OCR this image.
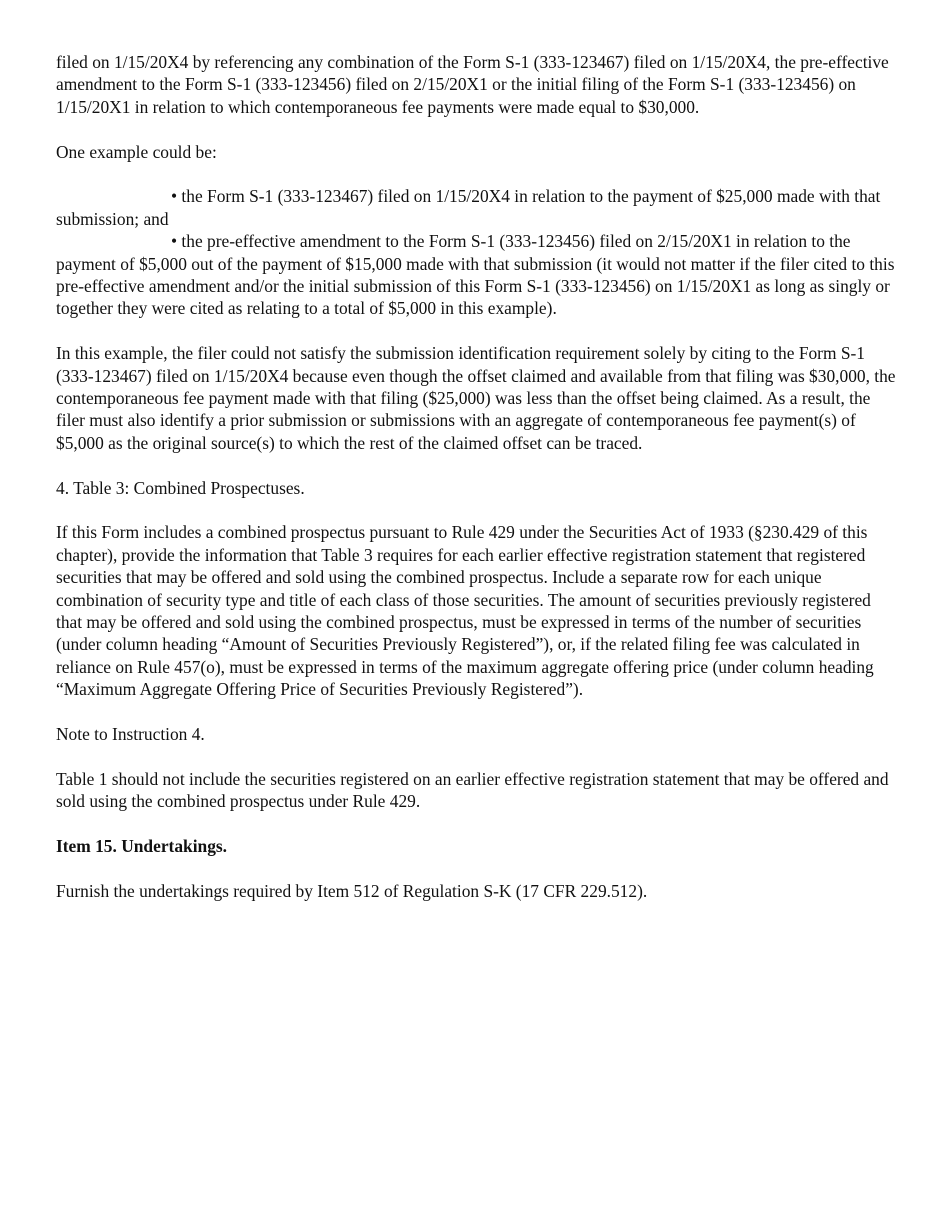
filed on 1/15/20X4 by referencing any combination of the Form S-1 (333-123467) filed on 1/15/20X4, the pre-effective amendment to the Form S-1 (333-123456) filed on 2/15/20X1 or the initial filing of the Form S-1 (333-123456) on 1/15/20X1 in relation to which contemporaneous fee payments were made equal to $30,000.

One example could be:

• the Form S-1 (333-123467) filed on 1/15/20X4 in relation to the payment of $25,000 made with that submission; and

• the pre-effective amendment to the Form S-1 (333-123456) filed on 2/15/20X1 in relation to the payment of $5,000 out of the payment of $15,000 made with that submission (it would not matter if the filer cited to this pre-effective amendment and/or the initial submission of this Form S-1 (333-123456) on 1/15/20X1 as long as singly or together they were cited as relating to a total of $5,000 in this example).

In this example, the filer could not satisfy the submission identification requirement solely by citing to the Form S-1 (333-123467) filed on 1/15/20X4 because even though the offset claimed and available from that filing was $30,000, the contemporaneous fee payment made with that filing ($25,000) was less than the offset being claimed. As a result, the filer must also identify a prior submission or submissions with an aggregate of contemporaneous fee payment(s) of $5,000 as the original source(s) to which the rest of the claimed offset can be traced.

4. Table 3: Combined Prospectuses.

If this Form includes a combined prospectus pursuant to Rule 429 under the Securities Act of 1933 (§230.429 of this chapter), provide the information that Table 3 requires for each earlier effective registration statement that registered securities that may be offered and sold using the combined prospectus. Include a separate row for each unique combination of security type and title of each class of those securities. The amount of securities previously registered that may be offered and sold using the combined prospectus, must be expressed in terms of the number of securities (under column heading “Amount of Securities Previously Registered”), or, if the related filing fee was calculated in reliance on Rule 457(o), must be expressed in terms of the maximum aggregate offering price (under column heading “Maximum Aggregate Offering Price of Securities Previously Registered”).

Note to Instruction 4.

Table 1 should not include the securities registered on an earlier effective registration statement that may be offered and sold using the combined prospectus under Rule 429.

Item 15. Undertakings.

Furnish the undertakings required by Item 512 of Regulation S-K (17 CFR 229.512).
